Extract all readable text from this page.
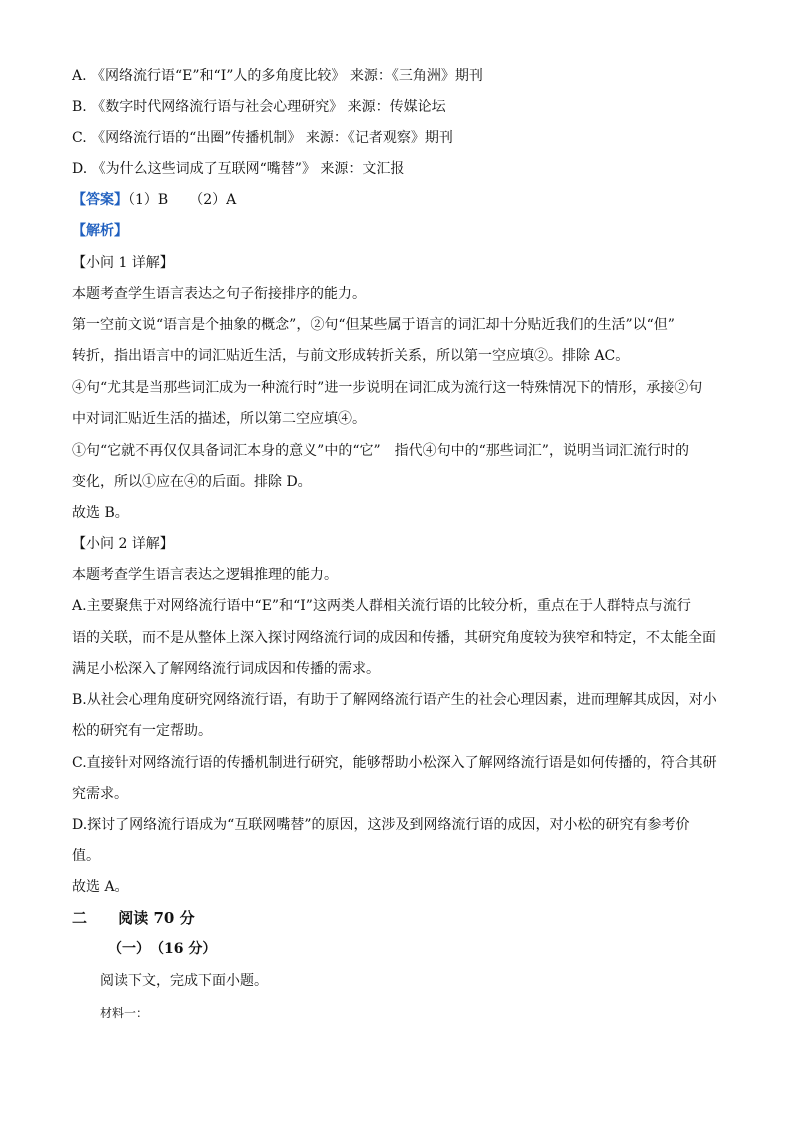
A. 《网络流行语“E”和“I”人的多角度比较》 来源：《三角洲》期刊
B. 《数字时代网络流行语与社会心理研究》 来源：传媒论坛
C. 《网络流行语的“出圈”传播机制》 来源：《记者观察》期刊
D. 《为什么这些词成了互联网“嘴替”》 来源：文汇报
【答案】（1）B　　（2）A
【解析】
【小问 1 详解】
本题考查学生语言表达之句子衔接排序的能力。
第一空前文说“语言是个抽象的概念”，②句“但某些属于语言的词汇却十分贴近我们的生活”以“但”
转折，指出语言中的词汇贴近生活，与前文形成转折关系，所以第一空应填②。排除 AC。
④句“尤其是当那些词汇成为一种流行时”进一步说明在词汇成为流行这一特殊情况下的情形，承接②句
中对词汇贴近生活的描述，所以第二空应填④。
①句“它就不再仅仅具备词汇本身的意义”中的“它”　指代④句中的“那些词汇”，说明当词汇流行时的
变化，所以①应在④的后面。排除 D。
故选 B。
【小问 2 详解】
本题考查学生语言表达之逻辑推理的能力。
A.主要聚焦于对网络流行语中“E”和“I”这两类人群相关流行语的比较分析，重点在于人群特点与流行
语的关联，而不是从整体上深入探讨网络流行词的成因和传播，其研究角度较为狭窄和特定，不太能全面
满足小松深入了解网络流行词成因和传播的需求。
B.从社会心理角度研究网络流行语，有助于了解网络流行语产生的社会心理因素，进而理解其成因，对小
松的研究有一定帮助。
C.直接针对网络流行语的传播机制进行研究，能够帮助小松深入了解网络流行语是如何传播的，符合其研
究需求。
D.探讨了网络流行语成为“互联网嘴替”的原因，这涉及到网络流行语的成因，对小松的研究有参考价
值。
故选 A。
二 阅读 70 分
（一）　（16 分）
阅读下文，完成下面小题。
材料一：
